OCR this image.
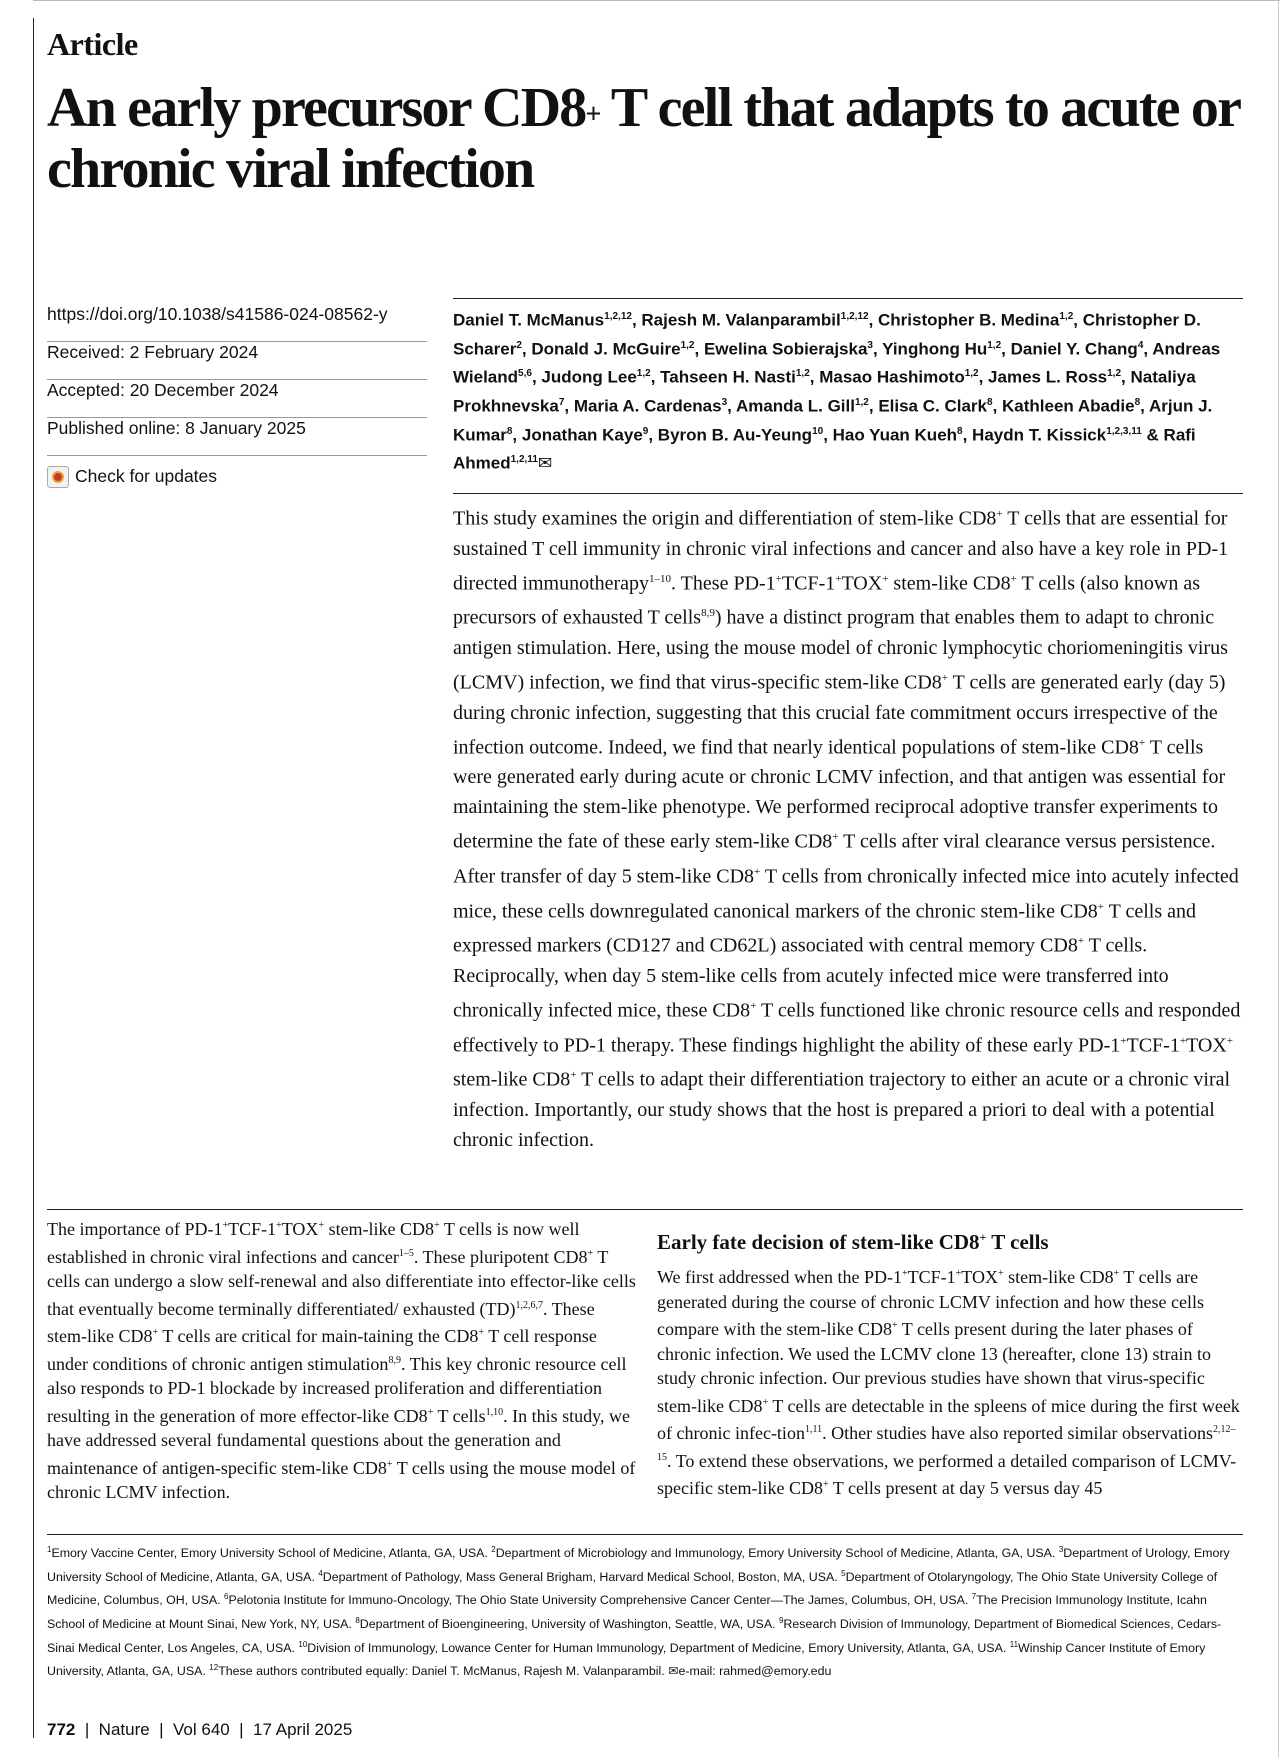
Article
An early precursor CD8+ T cell that adapts to acute or chronic viral infection
https://doi.org/10.1038/s41586-024-08562-y
Received: 2 February 2024
Accepted: 20 December 2024
Published online: 8 January 2025
Check for updates

Daniel T. McManus$^{1,2,12}$, Rajesh M. Valanparambil$^{1,2,12}$, Christopher B. Medina$^{1,2}$, Christopher D. Scharer$^2$, Donald J. McGuire$^{1,2}$, Ewelina Sobierajska$^3$, Yinghong Hu$^{1,2}$, Daniel Y. Chang$^4$, Andreas Wieland$^{5,6}$, Judong Lee$^{1,2}$, Tahseen H. Nasti$^{1,2}$, Masao Hashimoto$^{1,2}$, James L. Ross$^{1,2}$, Nataliya Prokhnevska$^7$, Maria A. Cardenas$^3$, Amanda L. Gill$^{1,2}$, Elisa C. Clark$^8$, Kathleen Abadie$^8$, Arjun J. Kumar$^8$, Jonathan Kaye$^9$, Byron B. Au-Yeung$^{10}$, Hao Yuan Kueh$^8$, Haydn T. Kissick$^{1,2,3,11}$ & Rafi Ahmed$^{1,2,11}$✉

This study examines the origin and differentiation of stem-like CD8+ T cells that are essential for sustained T cell immunity in chronic viral infections and cancer and also have a key role in PD-1 directed immunotherapy$^{1-10}$. These PD-1+TCF-1+TOX+ stem-like CD8+ T cells (also known as precursors of exhausted T cells$^{8,9}$) have a distinct program that enables them to adapt to chronic antigen stimulation. Here, using the mouse model of chronic lymphocytic choriomeningitis virus (LCMV) infection, we find that virus-specific stem-like CD8+ T cells are generated early (day 5) during chronic infection, suggesting that this crucial fate commitment occurs irrespective of the infection outcome. Indeed, we find that nearly identical populations of stem-like CD8+ T cells were generated early during acute or chronic LCMV infection, and that antigen was essential for maintaining the stem-like phenotype. We performed reciprocal adoptive transfer experiments to determine the fate of these early stem-like CD8+ T cells after viral clearance versus persistence. After transfer of day 5 stem-like CD8+ T cells from chronically infected mice into acutely infected mice, these cells downregulated canonical markers of the chronic stem-like CD8+ T cells and expressed markers (CD127 and CD62L) associated with central memory CD8+ T cells. Reciprocally, when day 5 stem-like cells from acutely infected mice were transferred into chronically infected mice, these CD8+ T cells functioned like chronic resource cells and responded effectively to PD-1 therapy. These findings highlight the ability of these early PD-1+TCF-1+TOX+ stem-like CD8+ T cells to adapt their differentiation trajectory to either an acute or a chronic viral infection. Importantly, our study shows that the host is prepared a priori to deal with a potential chronic infection.

The importance of PD-1+TCF-1+TOX+ stem-like CD8+ T cells is now well established in chronic viral infections and cancer$^{1-5}$. These pluripotent CD8+ T cells can undergo a slow self-renewal and also differentiate into effector-like cells that eventually become terminally differentiated/ exhausted (TD)$^{1,2,6,7}$. These stem-like CD8+ T cells are critical for main-taining the CD8+ T cell response under conditions of chronic antigen stimulation$^{8,9}$. This key chronic resource cell also responds to PD-1 blockade by increased proliferation and differentiation resulting in the generation of more effector-like CD8+ T cells$^{1,10}$. In this study, we have addressed several fundamental questions about the generation and maintenance of antigen-specific stem-like CD8+ T cells using the mouse model of chronic LCMV infection.

Early fate decision of stem-like CD8+ T cells

We first addressed when the PD-1+TCF-1+TOX+ stem-like CD8+ T cells are generated during the course of chronic LCMV infection and how these cells compare with the stem-like CD8+ T cells present during the later phases of chronic infection. We used the LCMV clone 13 (hereafter, clone 13) strain to study chronic infection. Our previous studies have shown that virus-specific stem-like CD8+ T cells are detectable in the spleens of mice during the first week of chronic infec-tion$^{1,11}$. Other studies have also reported similar observations$^{2,12-15}$. To extend these observations, we performed a detailed comparison of LCMV-specific stem-like CD8+ T cells present at day 5 versus day 45

$^1$Emory Vaccine Center, Emory University School of Medicine, Atlanta, GA, USA. $^2$Department of Microbiology and Immunology, Emory University School of Medicine, Atlanta, GA, USA. $^3$Department of Urology, Emory University School of Medicine, Atlanta, GA, USA. $^4$Department of Pathology, Mass General Brigham, Harvard Medical School, Boston, MA, USA. $^5$Department of Otolaryngology, The Ohio State University College of Medicine, Columbus, OH, USA. $^6$Pelotonia Institute for Immuno-Oncology, The Ohio State University Comprehensive Cancer Center—The James, Columbus, OH, USA. $^7$The Precision Immunology Institute, Icahn School of Medicine at Mount Sinai, New York, NY, USA. $^8$Department of Bioengineering, University of Washington, Seattle, WA, USA. $^9$Research Division of Immunology, Department of Biomedical Sciences, Cedars-Sinai Medical Center, Los Angeles, CA, USA. $^{10}$Division of Immunology, Lowance Center for Human Immunology, Department of Medicine, Emory University, Atlanta, GA, USA. $^{11}$Winship Cancer Institute of Emory University, Atlanta, GA, USA. $^{12}$These authors contributed equally: Daniel T. McManus, Rajesh M. Valanparambil. ✉e-mail: rahmed@emory.edu

772  |  Nature  |  Vol 640  |  17 April 2025
